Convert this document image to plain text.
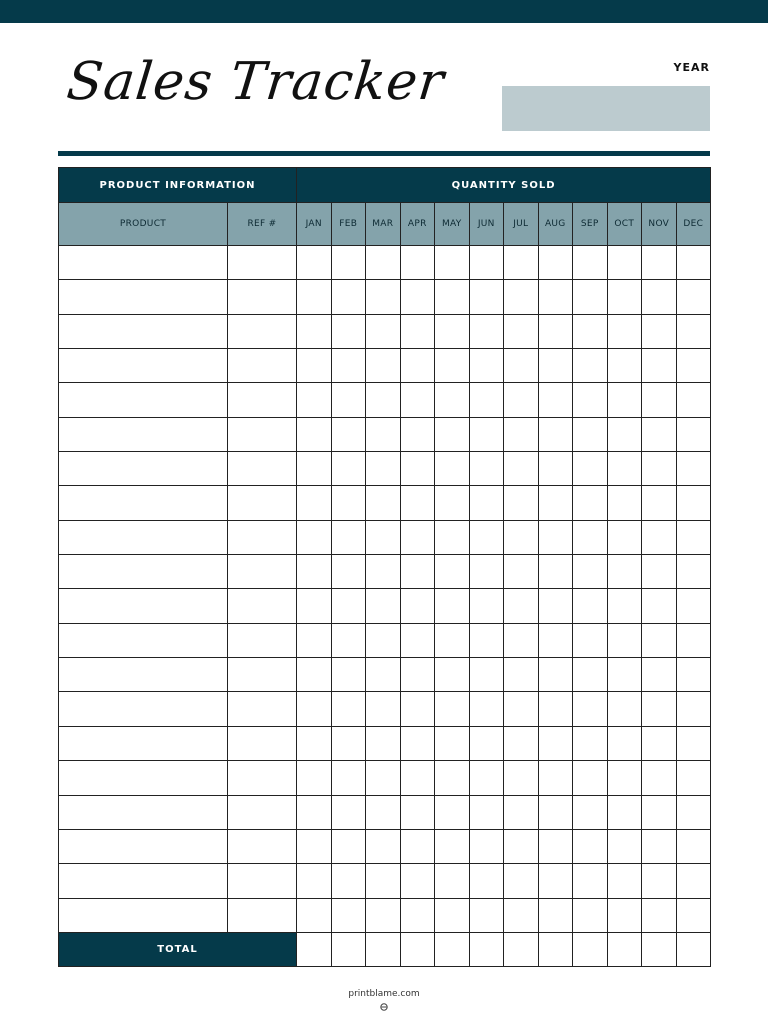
Sales Tracker	YEAR
PRODUCT INFORMATION		QUANTITY SOLD											
PRODUCT	REF #	JAN	FEB	MAR	APR	MAY	JUN	JUL	AUG	SEP	OCT	NOV	DEC

TOTAL													
printblame.com
